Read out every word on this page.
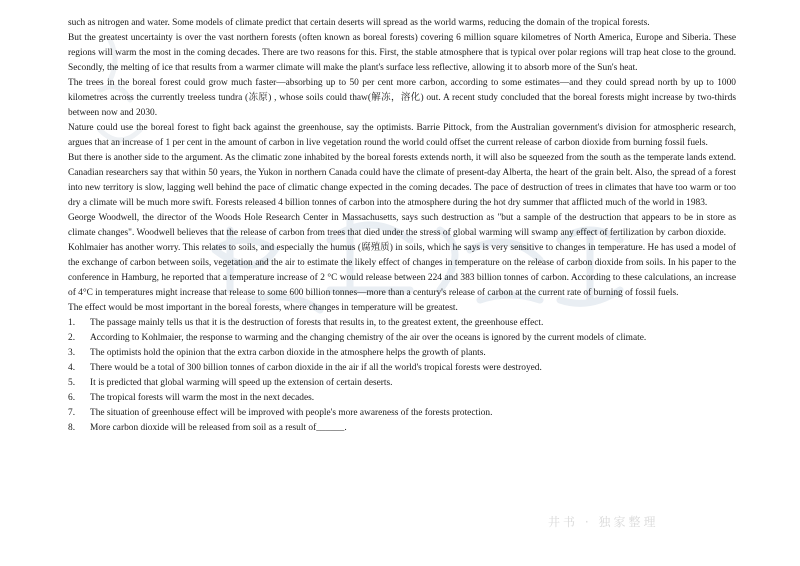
such as nitrogen and water. Some models of climate predict that certain deserts will spread as the world warms, reducing the domain of the tropical forests.

But the greatest uncertainty is over the vast northern forests (often known as boreal forests) covering 6 million square kilometres of North America, Europe and Siberia. These regions will warm the most in the coming decades. There are two reasons for this. First, the stable atmosphere that is typical over polar regions will trap heat close to the ground. Secondly, the melting of ice that results from a warmer climate will make the plant's surface less reflective, allowing it to absorb more of the Sun's heat.

The trees in the boreal forest could grow much faster—absorbing up to 50 per cent more carbon, according to some estimates—and they could spread north by up to 1000 kilometres across the currently treeless tundra (冻原) , whose soils could thaw(解冻，溶化) out. A recent study concluded that the boreal forests might increase by two-thirds between now and 2030.

Nature could use the boreal forest to fight back against the greenhouse, say the optimists. Barrie Pittock, from the Australian government's division for atmospheric research, argues that an increase of 1 per cent in the amount of carbon in live vegetation round the world could offset the current release of carbon dioxide from burning fossil fuels.

But there is another side to the argument. As the climatic zone inhabited by the boreal forests extends north, it will also be squeezed from the south as the temperate lands extend. Canadian researchers say that within 50 years, the Yukon in northern Canada could have the climate of present-day Alberta, the heart of the grain belt. Also, the spread of a forest into new territory is slow, lagging well behind the pace of climatic change expected in the coming decades. The pace of destruction of trees in climates that have too warm or too dry a climate will be much more swift. Forests released 4 billion tonnes of carbon into the atmosphere during the hot dry summer that afflicted much of the world in 1983.

George Woodwell, the director of the Woods Hole Research Center in Massachusetts, says such destruction as "but a sample of the destruction that appears to be in store as climate changes". Woodwell believes that the release of carbon from trees that died under the stress of global warming will swamp any effect of fertilization by carbon dioxide.

Kohlmaier has another worry. This relates to soils, and especially the humus (腐殖质) in soils, which he says is very sensitive to changes in temperature. He has used a model of the exchange of carbon between soils, vegetation and the air to estimate the likely effect of changes in temperature on the release of carbon dioxide from soils. In his paper to the conference in Hamburg, he reported that a temperature increase of 2 °C would release between 224 and 383 billion tonnes of carbon. According to these calculations, an increase of 4°C in temperatures might increase that release to some 600 billion tonnes—more than a century's release of carbon at the current rate of burning of fossil fuels.

The effect would be most important in the boreal forests, where changes in temperature will be greatest.

1.	The passage mainly tells us that it is the destruction of forests that results in, to the greatest extent, the greenhouse effect.
2.	According to Kohlmaier, the response to warming and the changing chemistry of the air over the oceans is ignored by the current models of climate.
3.	The optimists hold the opinion that the extra carbon dioxide in the atmosphere helps the growth of plants.
4.	There would be a total of 300 billion tonnes of carbon dioxide in the air if all the world's tropical forests were destroyed.
5.	It is predicted that global warming will speed up the extension of certain deserts.
6.	The tropical forests will warm the most in the next decades.
7.	The situation of greenhouse effect will be improved with people's more awareness of the forests protection.
8.	More carbon dioxide will be released from soil as a result of______.
井书 · 独家整理
